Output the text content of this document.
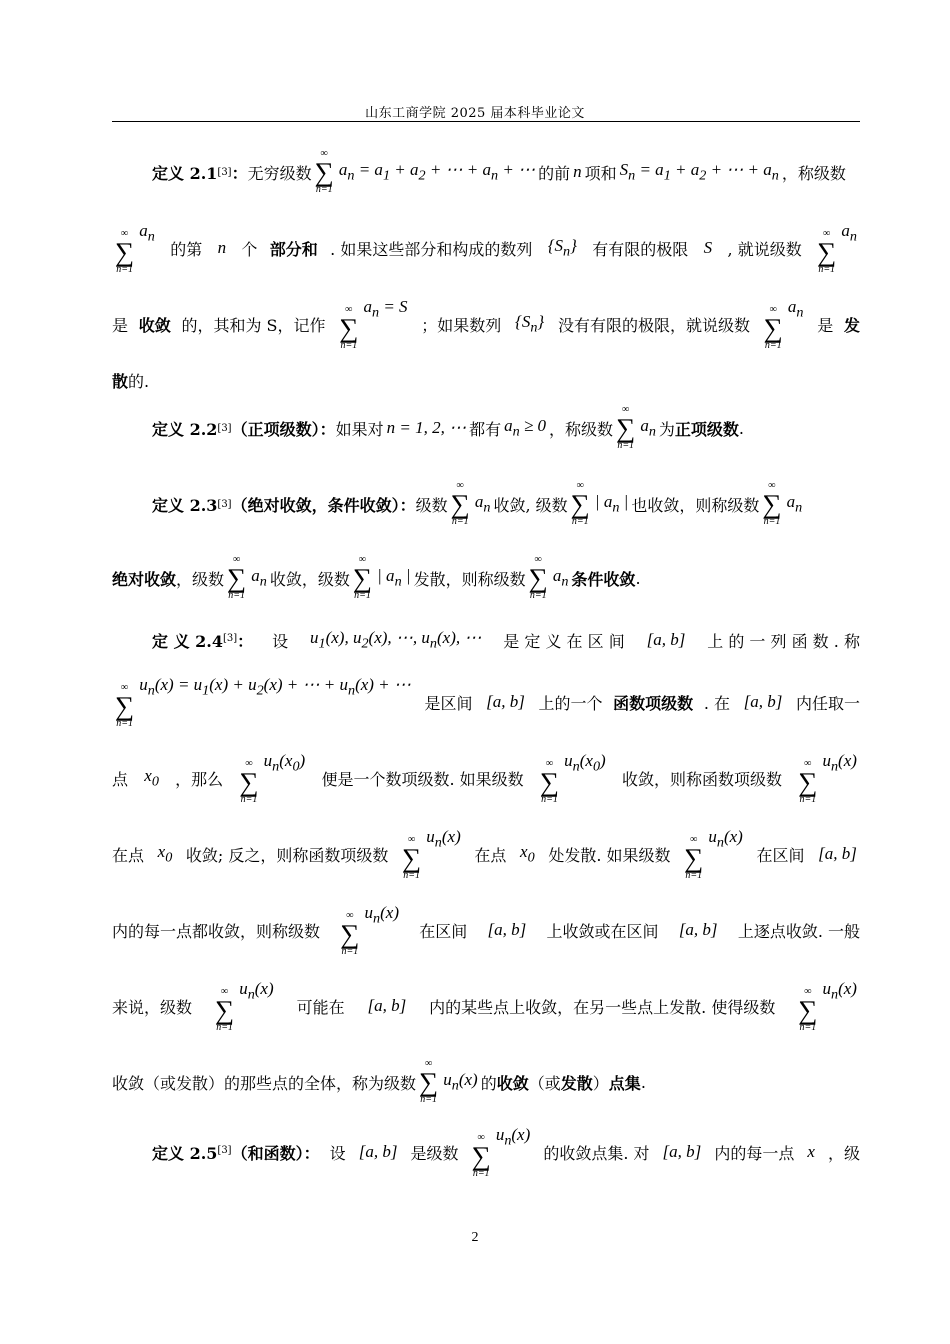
山东工商学院 2025 届本科毕业论文
定义 2.1 [3] ： 无穷级数
∞
∑
n=1
$a_n = a_1 + a_2$ + ⋯ + $a_n$ + ⋯ 的前 n 项和 $S_n = a_1 + a_2$ + ⋯ + $a_n$ ，称级数
∞
∑
n=1
$a_n$
的第 n 个 部分和 . 如果这些部分和构成的数列 $\{S_n\}$ 有有限的极限 S , 就说级数
∞
∑
n=1
$a_n$
是 收敛 的，其和为 S，记作
∞
∑
n=1
$a_n = S$
；如果数列 $\{S_n\}$ 没有有限的极限，就说级数
∞
∑
n=1
$a_n$
是 发
散 的.
定义 2.2 [3] （正项级数）： 如果对 n = 1, 2, ⋯ 都有 $a_n \ge 0$ ，称级数
∞
∑
n=1
$a_n$ 为 正项级数 .
定义 2.3 [3] （绝对收敛，条件收敛）： 级数
∞
∑
n=1
$a_n$ 收敛, 级数
∞
∑
n=1
| $a_n$ | 也收敛，则称级数
∞
∑
n=1
$a_n$
绝对收敛 ，级数
∞
∑
n=1
$a_n$ 收敛，级数
∞
∑
n=1
| $a_n$ | 发散，则称级数
∞
∑
n=1
$a_n$ 条件收敛 .
定 义 2.4[3]： 设 $u_1(x)$, $u_2(x)$, ⋯, $u_n(x)$, ⋯ 是 定 义 在 区 间 [a, b] 上 的 一 列 函 数 . 称
∞
∑
n=1
$u_n(x) = u_1(x) + u_2(x)$ + ⋯ + $u_n(x)$ + ⋯
是区间 [a, b] 上的一个 函数项级数 . 在 [a, b] 内任取一
点 $x_0$ ，那么
∞
∑
n=1
$u_n(x_0)$
便是一个数项级数. 如果级数
∞
∑
n=1
$u_n(x_0)$
收敛，则称函数项级数
∞
∑
n=1
$u_n(x)$
在点 $x_0$ 收敛; 反之，则称函数项级数
∞
∑
n=1
$u_n(x)$
在点 $x_0$ 处发散. 如果级数
∞
∑
n=1
$u_n(x)$
在区间 [a, b]
内的每一点都收敛，则称级数
∞
∑
n=1
$u_n(x)$
在区间 [a, b] 上收敛或在区间 [a, b] 上逐点收敛. 一般
来说，级数
∞
∑
n=1
$u_n(x)$
可能在 [a, b] 内的某些点上收敛，在另一些点上发散. 使得级数
∞
∑
n=1
$u_n(x)$
收敛（或发散）的那些点的全体，称为级数
∞
∑
n=1
$u_n(x)$ 的 收敛 （或 发散 ） 点集 .
定义 2.5[3]（和函数）： 设 [a, b] 是级数
∞
∑
n=1
$u_n(x)$
的收敛点集. 对 [a, b] 内的每一点 x ，级
2
